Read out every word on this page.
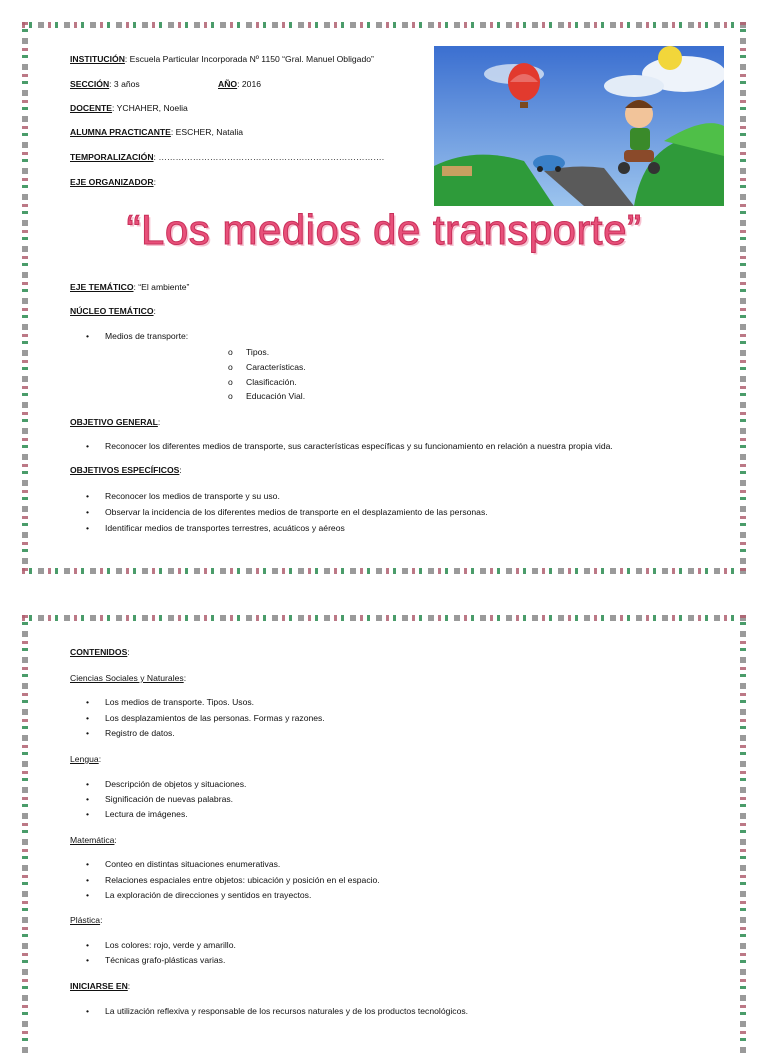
INSTITUCIÓN: Escuela Particular Incorporada Nº 1150 “Gral. Manuel Obligado”
SECCIÓN: 3 años	AÑO: 2016
DOCENTE: YCHAHER, Noelia
ALUMNA PRACTICANTE: ESCHER, Natalia
TEMPORALIZACIÓN: …………………………………………………………………….
EJE ORGANIZADOR:
“Los medios de transporte”
EJE TEMÁTICO: “El ambiente”
NÚCLEO TEMÁTICO:
• Medios de transporte:
o Tipos.
o Características.
o Clasificación.
o Educación Vial.
OBJETIVO GENERAL:
• Reconocer los diferentes medios de transporte, sus características específicas y su funcionamiento en relación a nuestra propia vida.
OBJETIVOS ESPECÍFICOS:
• Reconocer los medios de transporte y su uso.
• Observar la incidencia de los diferentes medios de transporte en el desplazamiento de las personas.
• Identificar medios de transportes terrestres, acuáticos y aéreos
CONTENIDOS:
Ciencias Sociales y Naturales:
• Los medios de transporte. Tipos. Usos.
• Los desplazamientos de las personas. Formas y razones.
• Registro de datos.
Lengua:
• Descripción de objetos y situaciones.
• Significación de nuevas palabras.
• Lectura de imágenes.
Matemática:
• Conteo en distintas situaciones enumerativas.
• Relaciones espaciales entre objetos: ubicación y posición en el espacio.
• La exploración de direcciones y sentidos en trayectos.
Plástica:
• Los colores: rojo, verde y amarillo.
• Técnicas grafo-plásticas varias.
INICIARSE EN:
• La utilización reflexiva y responsable de los recursos naturales y de los productos tecnológicos.
